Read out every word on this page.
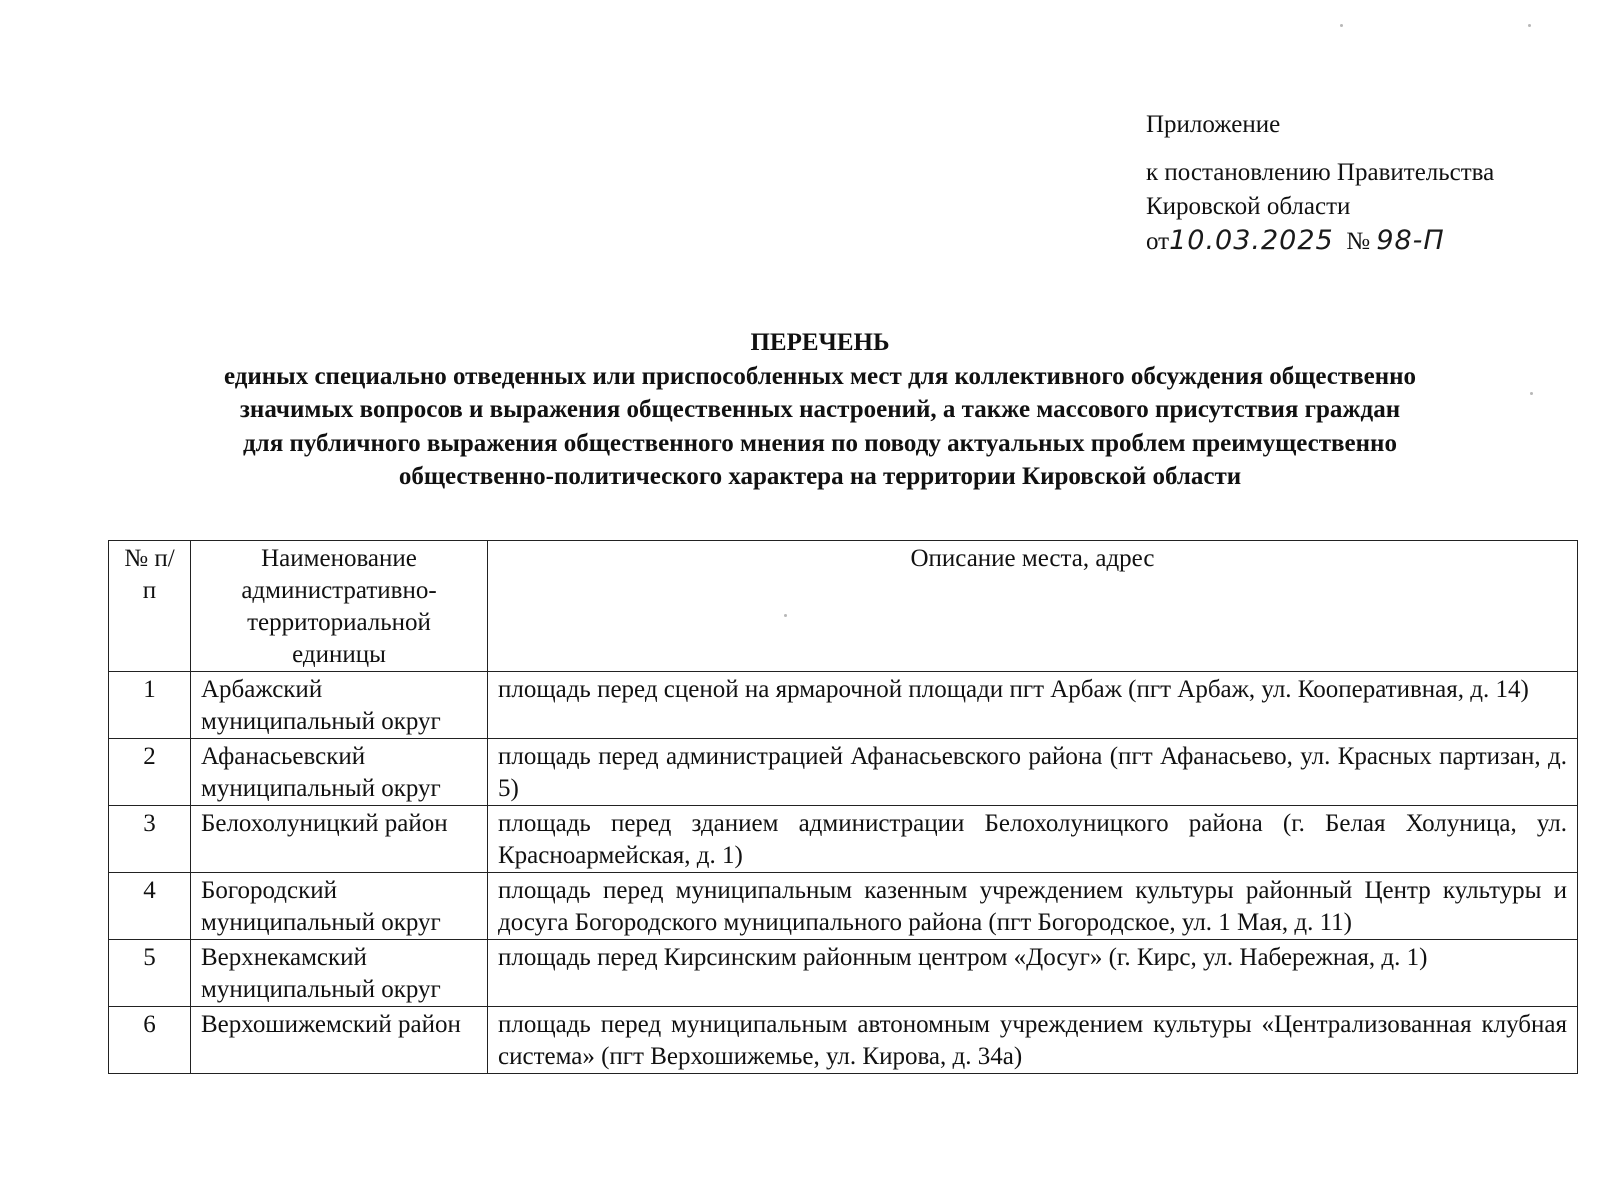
Приложение
к постановлению Правительства
Кировской области
от10.03.2025 № 98-П
ПЕРЕЧЕНЬ
единых специально отведенных или приспособленных мест для коллективного обсуждения общественно
значимых вопросов и выражения общественных настроений, а также массового присутствия граждан
для публичного выражения общественного мнения по поводу актуальных проблем преимущественно
общественно-политического характера на территории Кировской области
№ п/п	Наименование административно-территориальной единицы	Описание места, адрес
1	Арбажский муниципальный округ	площадь перед сценой на ярмарочной площади пгт Арбаж (пгт Арбаж, ул. Кооперативная, д. 14)
2	Афанасьевский муниципальный округ	площадь перед администрацией Афанасьевского района (пгт Афанасьево, ул. Красных партизан, д. 5)
3	Белохолуницкий район	площадь перед зданием администрации Белохолуницкого района (г. Белая Холуница, ул. Красноармейская, д. 1)
4	Богородский муниципальный округ	площадь перед муниципальным казенным учреждением культуры районный Центр культуры и досуга Богородского муниципального района (пгт Богородское, ул. 1 Мая, д. 11)
5	Верхнекамский муниципальный округ	площадь перед Кирсинским районным центром «Досуг» (г. Кирс, ул. Набережная, д. 1)
6	Верхошижемский район	площадь перед муниципальным автономным учреждением культуры «Централизованная клубная система» (пгт Верхошижемье, ул. Кирова, д. 34а)
